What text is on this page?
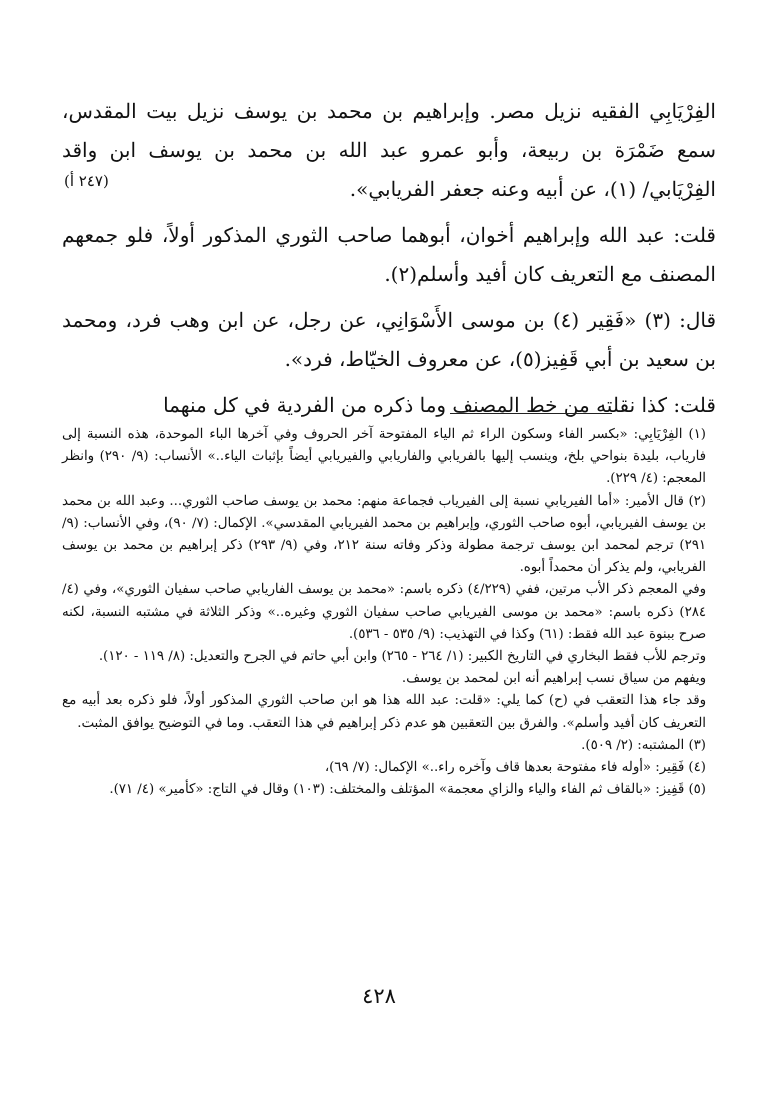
الفِرْيَابِي الفقيه نزيل مصر. وإبراهيم بن محمد بن يوسف نزيل بيت المقدس، سمع ضَمْرَة بن ربيعة، وأبو عمرو عبد الله بن محمد بن يوسف ابن واقد الفِرْيَابي/ (١)، عن أبيه وعنه جعفر الفريابي».

قلت: عبد الله وإبراهيم أخوان، أبوهما صاحب الثوري المذكور أولاً، فلو جمعهم المصنف مع التعريف كان أفيد وأسلم(٢).

قال: (٣) «فَقِير (٤) بن موسى الأَسْوَانِي، عن رجل، عن ابن وهب فرد، ومحمد بن سعيد بن أبي قَفِيز(٥)، عن معروف الخيّاط، فرد».

قلت: كذا نقلته من خط المصنف وما ذكره من الفردية في كل منهما

(٢٤٧ أ)

(١) الفِرْيَابِي: «بكسر الفاء وسكون الراء ثم الياء المفتوحة آخر الحروف وفي آخرها الباء الموحدة، هذه النسبة إلى فارياب، بليدة بنواحي بلخ، وينسب إليها بالفريابي والفاريابي والفيريابي أيضاً بإثبات الياء..» الأنساب: (٩/ ٢٩٠) وانظر المعجم: (٤/ ٢٢٩).

(٢) قال الأمير: «أما الفيريابي نسبة إلى الفيرياب فجماعة منهم: محمد بن يوسف صاحب الثوري... وعبد الله بن محمد بن يوسف الفيريابي، أبوه صاحب الثوري، وإبراهيم بن محمد الفيريابي المقدسي». الإكمال: (٧/ ٩٠)، وفي الأنساب: (٩/ ٢٩١) ترجم لمحمد ابن يوسف ترجمة مطولة وذكر وفاته سنة ٢١٢، وفي (٩/ ٢٩٣) ذكر إبراهيم بن محمد بن يوسف الفريابي، ولم يذكر أن محمداً أبوه.

وفي المعجم ذكر الأب مرتين، ففي (٤/٢٢٩) ذكره باسم: «محمد بن يوسف الفاريابي صاحب سفيان الثوري»، وفي (٤/ ٢٨٤) ذكره باسم: «محمد بن موسى الفيريابي صاحب سفيان الثوري وغيره..» وذكر الثلاثة في مشتبه النسبة، لكنه صرح ببنوة عبد الله فقط: (٦١) وكذا في التهذيب: (٩/ ٥٣٥ - ٥٣٦).

وترجم للأب فقط البخاري في التاريخ الكبير: (١/ ٢٦٤ - ٢٦٥) وابن أبي حاتم في الجرح والتعديل: (٨/ ١١٩ - ١٢٠).

ويفهم من سياق نسب إبراهيم أنه ابن لمحمد بن يوسف.

وقد جاء هذا التعقب في (ح) كما يلي: «قلت: عبد الله هذا هو ابن صاحب الثوري المذكور أولاً، فلو ذكره بعد أبيه مع التعريف كان أفيد وأسلم». والفرق بين التعقبين هو عدم ذكر إبراهيم في هذا التعقب. وما في التوضيح يوافق المثبت.

(٣) المشتبه: (٢/ ٥٠٩).

(٤) فَقِير: «أوله فاء مفتوحة بعدها قاف وآخره راء..» الإكمال: (٧/ ٦٩)،

(٥) قَفِيز: «بالقاف ثم الفاء والياء والزاي معجمة» المؤتلف والمختلف: (١٠٣) وقال في التاج: «كأمير» (٤/ ٧١).

٤٢٨
